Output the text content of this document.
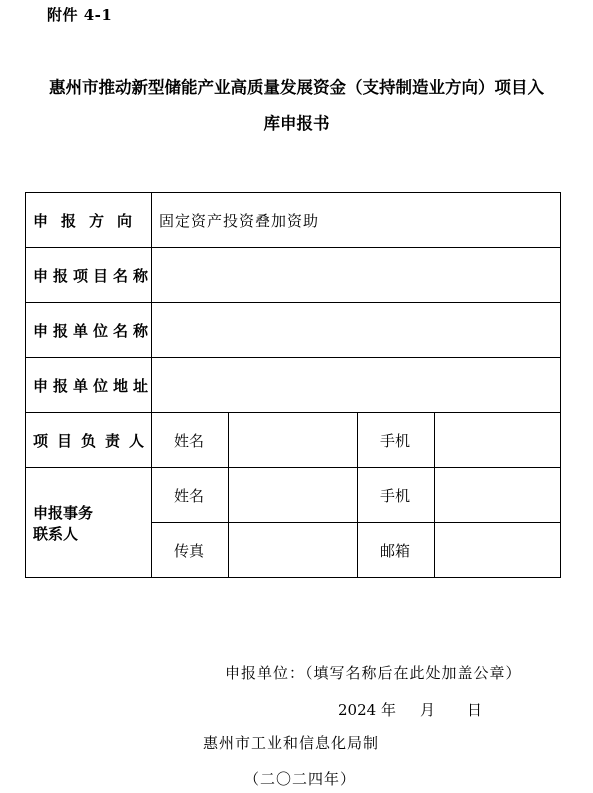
附件 4-1
惠州市推动新型储能产业高质量发展资金（支持制造业方向）项目入
库申报书
申报方向	固定资产投资叠加资助			
申报项目名称				
申报单位名称				
申报单位地址				
项目负责人	姓名		手机	

申报事务
联系人	姓名		手机	
	传真		邮箱	
申报单位：（填写名称后在此处加盖公章）
2024 年 月 日
惠州市工业和信息化局制
（二〇二四年）
